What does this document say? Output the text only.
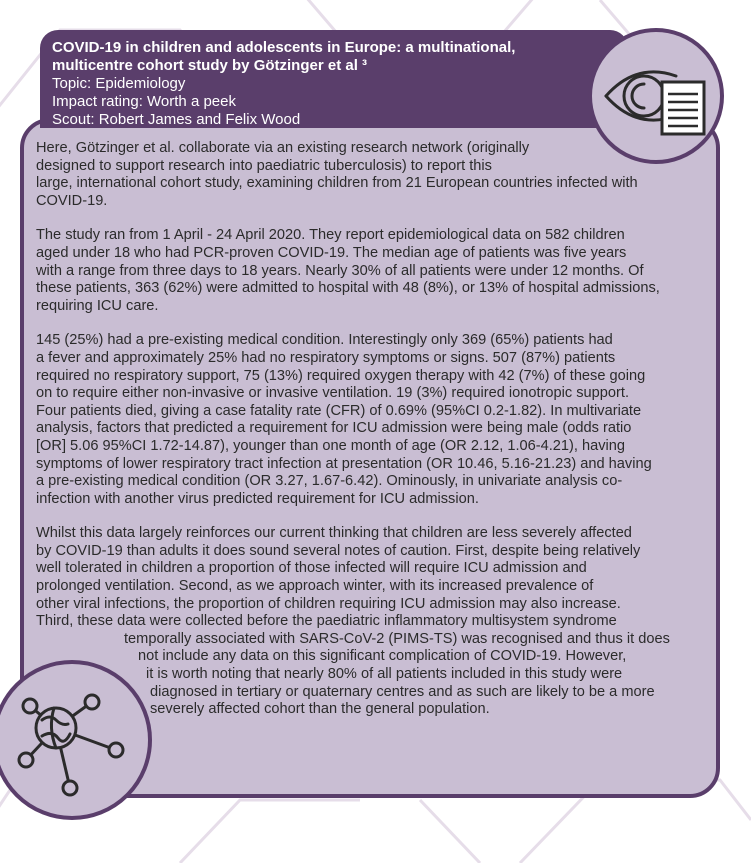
COVID-19 in children and adolescents in Europe: a multinational,
multicentre cohort study by Götzinger et al ³
Topic: Epidemiology
Impact rating: Worth a peek
Scout: Robert James and Felix Wood

Here, Götzinger et al. collaborate via an existing research network (originally
designed to support research into paediatric tuberculosis) to report this
large, international cohort study, examining children from 21 European countries infected with
COVID-19.

The study ran from 1 April - 24 April 2020. They report epidemiological data on 582 children
aged under 18 who had PCR-proven COVID-19. The median age of patients was five years
with a range from three days to 18 years. Nearly 30% of all patients were under 12 months. Of
these patients, 363 (62%) were admitted to hospital with 48 (8%), or 13% of hospital admissions,
requiring ICU care.

145 (25%) had a pre-existing medical condition. Interestingly only 369 (65%) patients had
a fever and approximately 25% had no respiratory symptoms or signs. 507 (87%) patients
required no respiratory support, 75 (13%) required oxygen therapy with 42 (7%) of these going
on to require either non-invasive or invasive ventilation. 19 (3%) required ionotropic support.
Four patients died, giving a case fatality rate (CFR) of 0.69% (95%CI 0.2-1.82). In multivariate
analysis, factors that predicted a requirement for ICU admission were being male (odds ratio
[OR] 5.06 95%CI 1.72-14.87), younger than one month of age (OR 2.12, 1.06-4.21), having
symptoms of lower respiratory tract infection at presentation (OR 10.46, 5.16-21.23) and having
a pre-existing medical condition (OR 3.27, 1.67-6.42). Ominously, in univariate analysis co-
infection with another virus predicted requirement for ICU admission.

Whilst this data largely reinforces our current thinking that children are less severely affected
by COVID-19 than adults it does sound several notes of caution. First, despite being relatively
well tolerated in children a proportion of those infected will require ICU admission and
prolonged ventilation. Second, as we approach winter, with its increased prevalence of
other viral infections, the proportion of children requiring ICU admission may also increase.
Third, these data were collected before the paediatric inflammatory multisystem syndrome
temporally associated with SARS-CoV-2 (PIMS-TS) was recognised and thus it does
not include any data on this significant complication of COVID-19. However,
it is worth noting that nearly 80% of all patients included in this study were
diagnosed in tertiary or quaternary centres and as such are likely to be a more
severely affected cohort than the general population.
